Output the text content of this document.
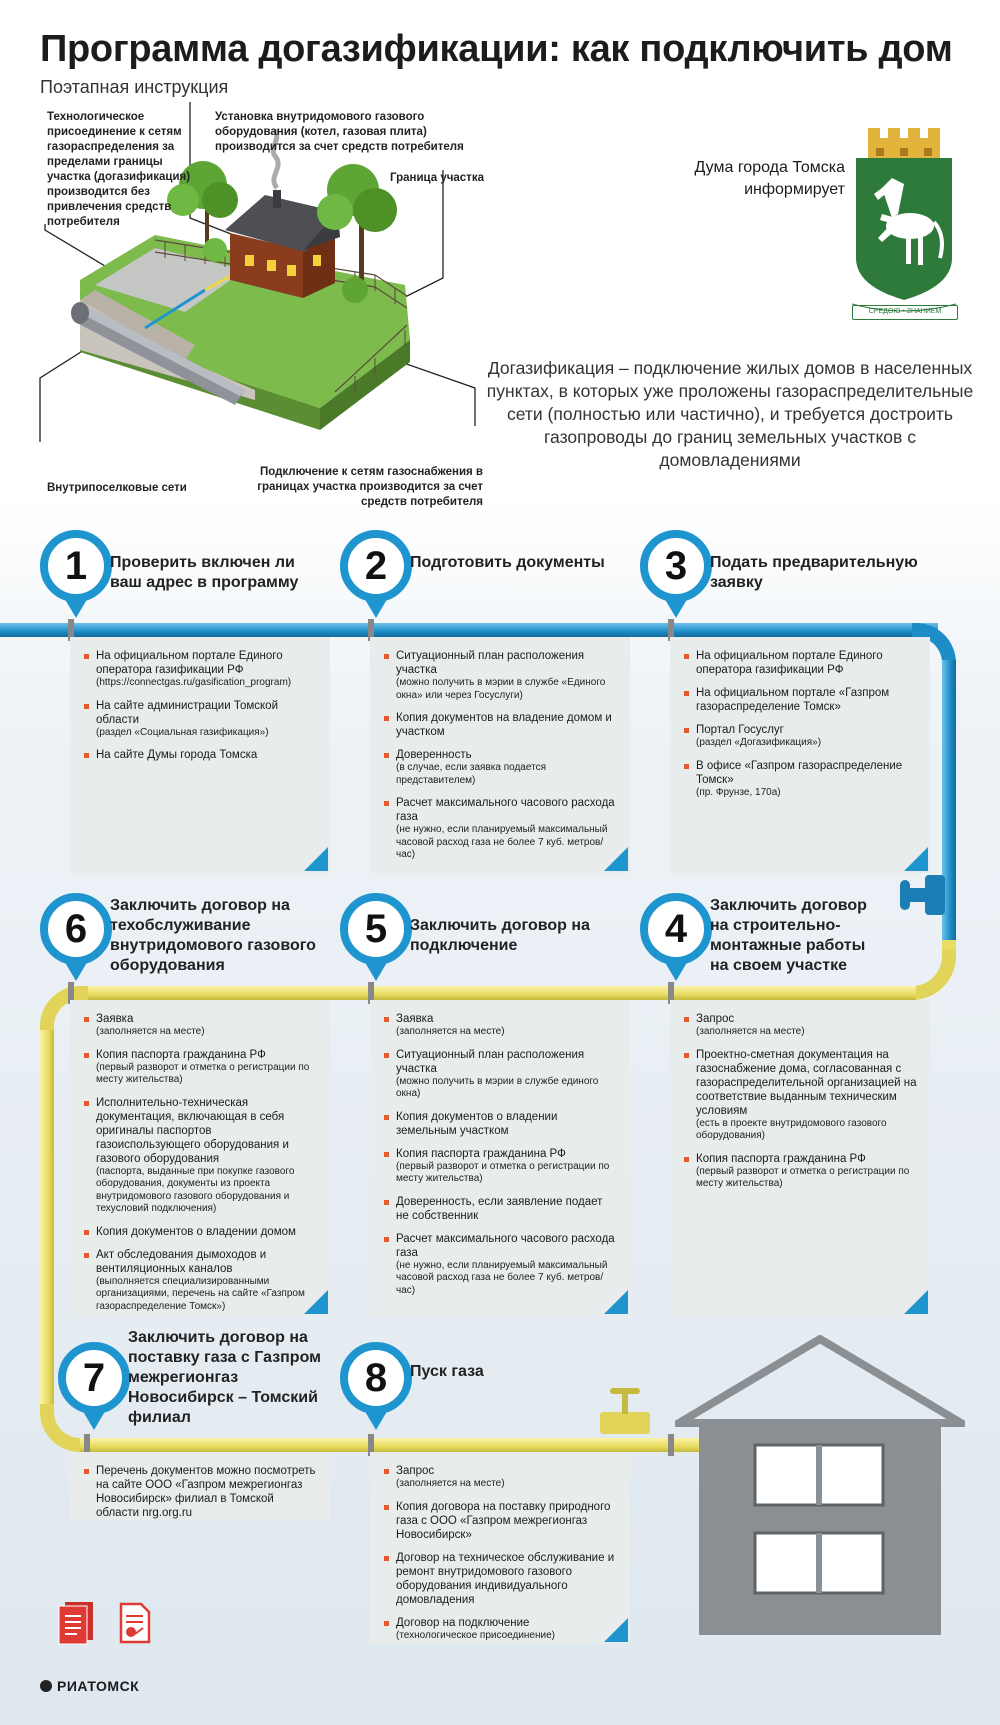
Программа догазификации: как подключить дом
Поэтапная инструкция
Технологическое присоединение к сетям газораспределения за пределами границы участка (догазификация) производится без привлечения средств потребителя
Установка внутридомового газового оборудования (котел, газовая плита) производится за счет средств потребителя
Граница участка
Внутрипоселковые сети
Подключение к сетям газоснабжения в границах участка производится за счет средств потребителя
Дума города Томска информирует
СРЕДОЮ • ЗНАНИЕМ
Догазификация – подключение жилых домов в населенных пунктах, в которых уже проложены газораспределительные сети (полностью или частично), и требуется достроить газопроводы до границ земельных участков с домовладениями
1	Проверить включен ли ваш адрес в программу	2	Подготовить документы	3	Подать предварительную заявку
6
Заключить договор на техобслуживание внутридомового газового оборудования
5	Заключить договор на подключение	4
Заключить договор на строительно-монтажные работы на своем участке
7
Заключить договор на поставку газа с Газпром межрегионгаз Новосибирск – Томский филиал
8	Пуск газа
На официальном портале Единого оператора газификации РФ
(https://connectgas.ru/gasification_program)
На сайте администрации Томской области
(раздел «Социальная газификация»)
На сайте Думы города Томска
Ситуационный план расположения участка
(можно получить в мэрии в службе «Единого окна» или через Госуслуги)
Копия документов на владение домом и участком
Доверенность
(в случае, если заявка подается представителем)
Расчет максимального часового расхода газа
(не нужно, если планируемый максимальный часовой расход газа не более 7 куб. метров/час)
На официальном портале Единого оператора газификации РФ
На официальном портале «Газпром газораспределение Томск»
Портал Госуслуг
(раздел «Догазификация»)
В офисе «Газпром газораспределение Томск»
(пр. Фрунзе, 170а)
Заявка
(заполняется на месте)
Копия паспорта гражданина РФ
(первый разворот и отметка о регистрации по месту жительства)
Исполнительно-техническая документация, включающая в себя оригиналы паспортов газоиспользующего оборудования и газового оборудования
(паспорта, выданные при покупке газового оборудования, документы из проекта внутридомового газового оборудования и техусловий подключения)
Копия документов о владении домом
Акт обследования дымоходов и вентиляционных каналов
(выполняется специализированными организациями, перечень на сайте «Газпром газораспределение Томск»)
Заявка
(заполняется на месте)
Ситуационный план расположения участка
(можно получить в мэрии в службе единого окна)
Копия документов о владении земельным участком
Копия паспорта гражданина РФ
(первый разворот и отметка о регистрации по месту жительства)
Доверенность, если заявление подает не собственник
Расчет максимального часового расхода газа
(не нужно, если планируемый максимальный часовой расход газа не более 7 куб. метров/час)
Запрос
(заполняется на месте)
Проектно-сметная документация на газоснабжение дома, согласованная с газораспределительной организацией на соответствие выданным техническим условиям
(есть в проекте внутридомового газового оборудования)
Копия паспорта гражданина РФ
(первый разворот и отметка о регистрации по месту жительства)
Перечень документов можно посмотреть на сайте ООО «Газпром межрегионгаз Новосибирск» филиал в Томской области nrg.org.ru
Запрос
(заполняется на месте)
Копия договора на поставку природного газа с ООО «Газпром межрегионгаз Новосибирск»
Договор на техническое обслуживание и ремонт внутридомового газового оборудования индивидуального домовладения
Договор на подключение
(технологическое присоединение)
РИАТОМСК
